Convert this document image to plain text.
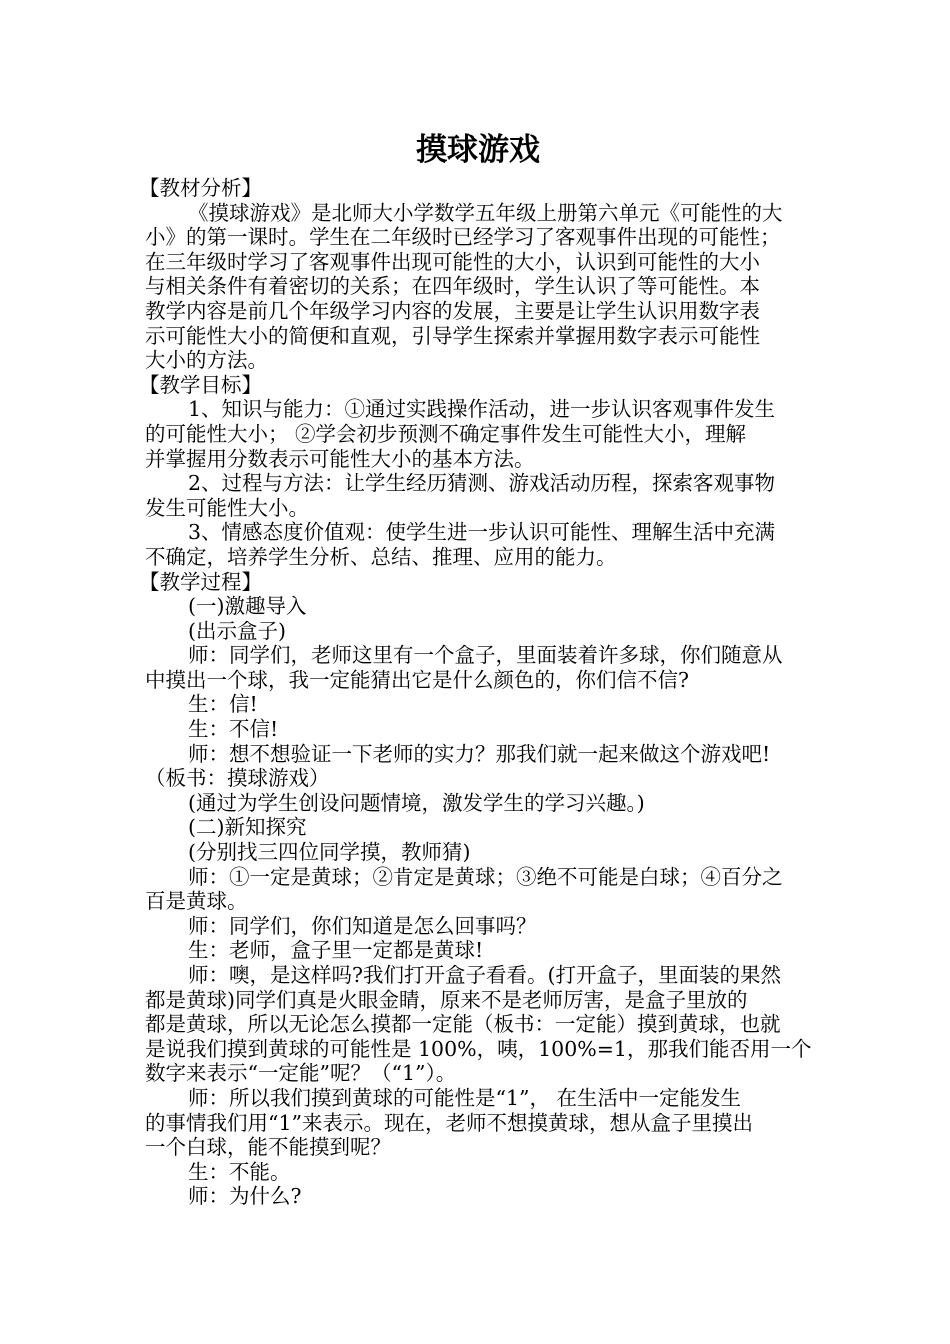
摸球游戏
【教材分析】
《摸球游戏》是北师大小学数学五年级上册第六单元《可能性的大
小》的第一课时。学生在二年级时已经学习了客观事件出现的可能性；
在三年级时学习了客观事件出现可能性的大小，认识到可能性的大小
与相关条件有着密切的关系；在四年级时，学生认识了等可能性。本
教学内容是前几个年级学习内容的发展，主要是让学生认识用数字表
示可能性大小的简便和直观，引导学生探索并掌握用数字表示可能性
大小的方法。
【教学目标】
1、知识与能力：①通过实践操作活动，进一步认识客观事件发生
的可能性大小； ②学会初步预测不确定事件发生可能性大小，理解
并掌握用分数表示可能性大小的基本方法。
2、过程与方法：让学生经历猜测、游戏活动历程，探索客观事物
发生可能性大小。
3、情感态度价值观：使学生进一步认识可能性、理解生活中充满
不确定，培养学生分析、总结、推理、应用的能力。
【教学过程】
(一)激趣导入
(出示盒子)
师：同学们，老师这里有一个盒子，里面装着许多球，你们随意从
中摸出一个球，我一定能猜出它是什么颜色的，你们信不信?
生：信!
生：不信!
师：想不想验证一下老师的实力？那我们就一起来做这个游戏吧!
（板书：摸球游戏）
(通过为学生创设问题情境，激发学生的学习兴趣。)
(二)新知探究
(分别找三四位同学摸，教师猜)
师：①一定是黄球；②肯定是黄球；③绝不可能是白球；④百分之
百是黄球。
师：同学们，你们知道是怎么回事吗？
生：老师，盒子里一定都是黄球!
师：噢，是这样吗?我们打开盒子看看。(打开盒子，里面装的果然
都是黄球)同学们真是火眼金睛，原来不是老师厉害，是盒子里放的
都是黄球，所以无论怎么摸都一定能（板书：一定能）摸到黄球，也就
是说我们摸到黄球的可能性是 100%，咦，100%=1，那我们能否用一个
数字来表示“一定能”呢？（“1”）。
师：所以我们摸到黄球的可能性是“1”， 在生活中一定能发生
的事情我们用“1”来表示。现在，老师不想摸黄球，想从盒子里摸出
一个白球，能不能摸到呢？
生：不能。
师：为什么?
